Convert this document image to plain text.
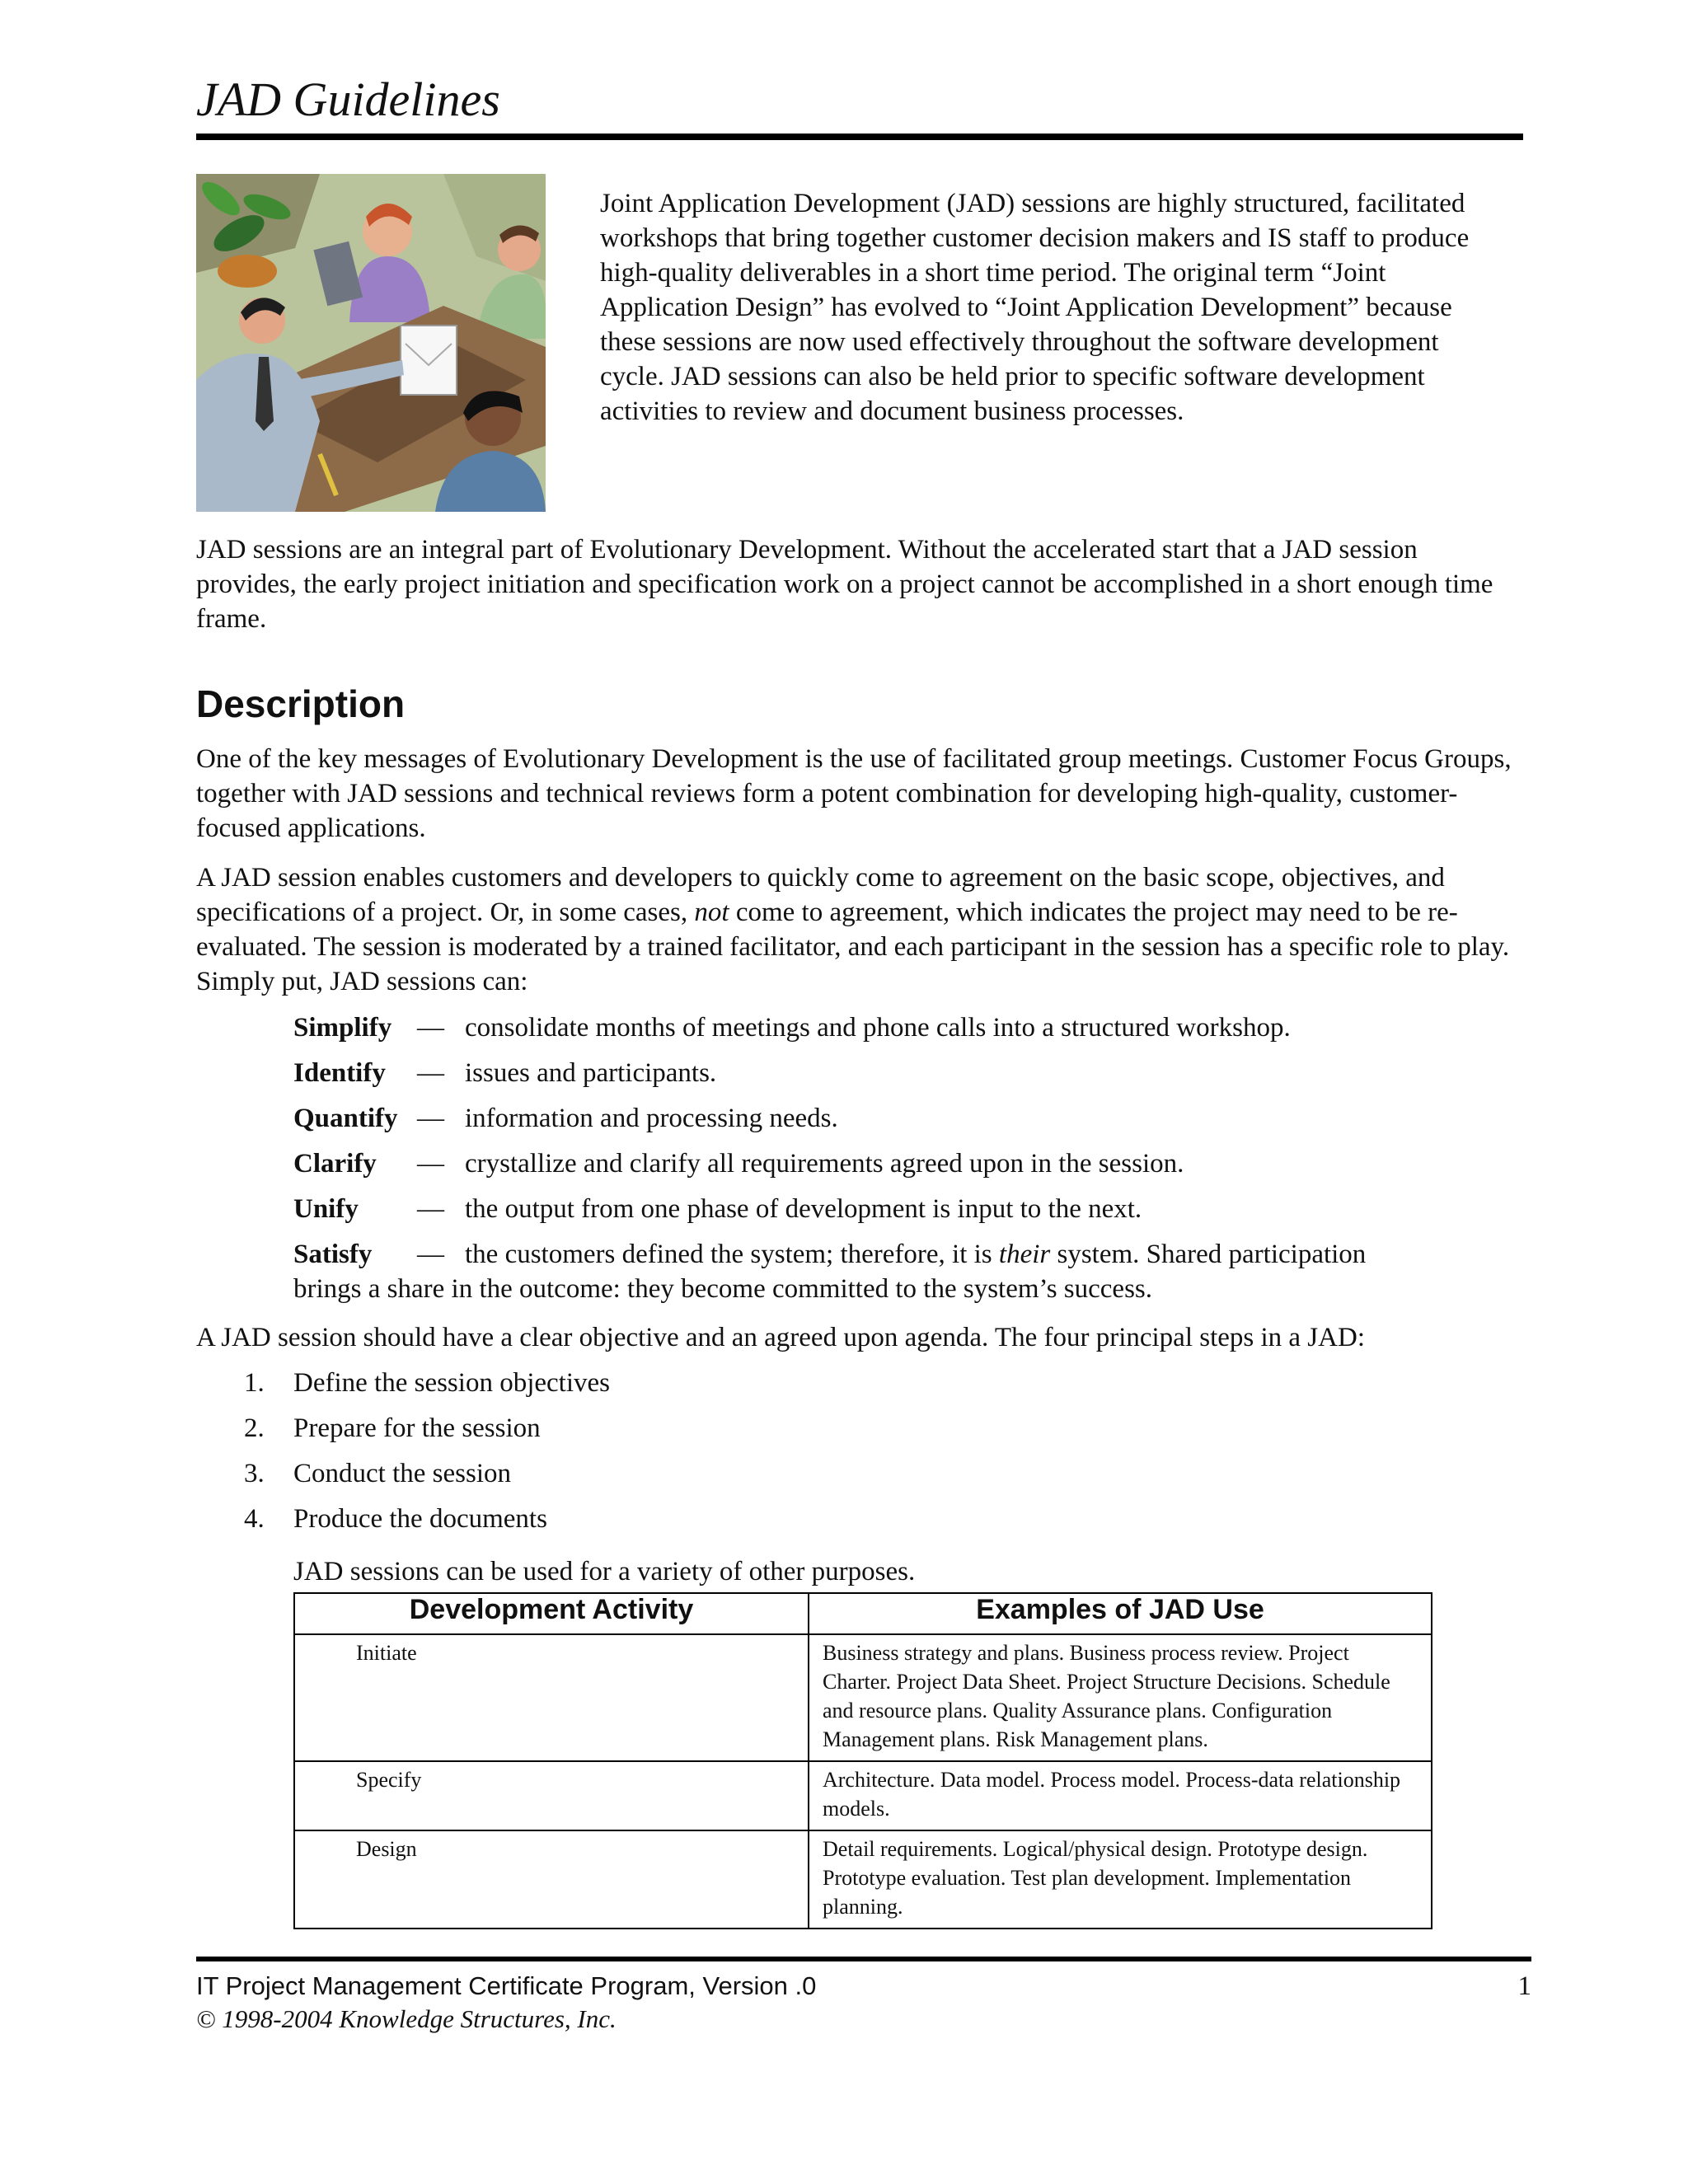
JAD Guidelines

Joint Application Development (JAD) sessions are highly structured, facilitated workshops that bring together customer decision makers and IS staff to produce high-quality deliverables in a short time period. The original term “Joint Application Design” has evolved to “Joint Application Development” because these sessions are now used effectively throughout the software development cycle. JAD sessions can also be held prior to specific software development activities to review and document business processes.

JAD sessions are an integral part of Evolutionary Development. Without the accelerated start that a JAD session provides, the early project initiation and specification work on a project cannot be accomplished in a short enough time frame.

Description

One of the key messages of Evolutionary Development is the use of facilitated group meetings. Customer Focus Groups, together with JAD sessions and technical reviews form a potent combination for developing high-quality, customer-focused applications.

A JAD session enables customers and developers to quickly come to agreement on the basic scope, objectives, and specifications of a project. Or, in some cases, not come to agreement, which indicates the project may need to be re-evaluated. The session is moderated by a trained facilitator, and each participant in the session has a specific role to play. Simply put, JAD sessions can:

Simplify — consolidate months of meetings and phone calls into a structured workshop.
Identify — issues and participants.
Quantify — information and processing needs.
Clarify — crystallize and clarify all requirements agreed upon in the session.
Unify — the output from one phase of development is input to the next.
Satisfy — the customers defined the system; therefore, it is their system. Shared participation
brings a share in the outcome: they become committed to the system’s success.

A JAD session should have a clear objective and an agreed upon agenda. The four principal steps in a JAD:

1. Define the session objectives
2. Prepare for the session
3. Conduct the session
4. Produce the documents
JAD sessions can be used for a variety of other purposes.
Development Activity	Examples of JAD Use
Initiate	Business strategy and plans. Business process review. Project Charter. Project Data Sheet. Project Structure Decisions. Schedule and resource plans. Quality Assurance plans. Configuration Management plans. Risk Management plans.
Specify	Architecture. Data model. Process model. Process-data relationship models.
Design	Detail requirements. Logical/physical design. Prototype design. Prototype evaluation. Test plan development. Implementation planning.
IT Project Management Certificate Program, Version .0	1
© 1998-2004 Knowledge Structures, Inc.
